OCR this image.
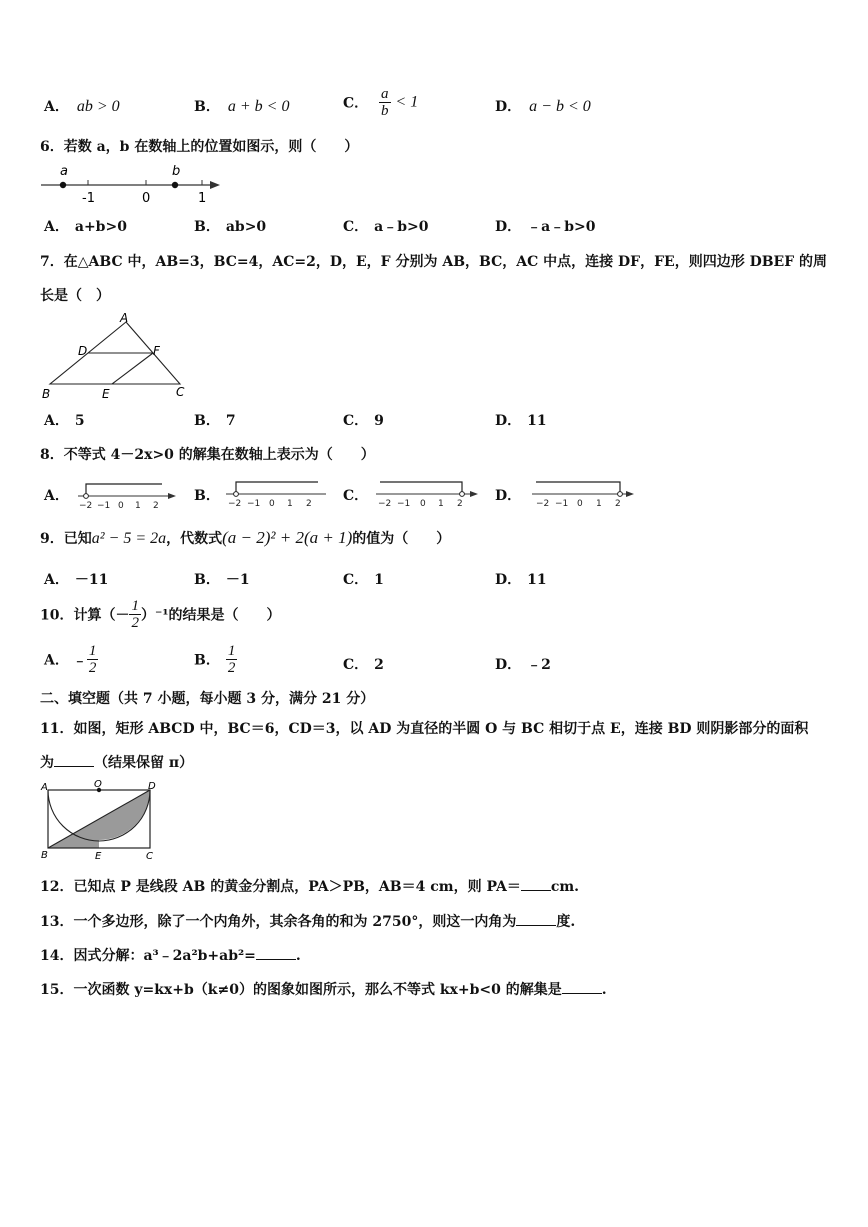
A． ab > 0	B． a + b < 0	C． $\frac{a}{b} < 1$	D． a − b < 0
6．若数 a，b 在数轴上的位置如图示，则（　　）
a	b
-1	0	1
A． a+b>0	B． ab>0	C． a﹣b>0	D． ﹣a﹣b>0
7．在△ABC 中，AB=3，BC=4，AC=2，D，E，F 分别为 AB，BC，AC 中点，连接 DF，FE，则四边形 DBEF 的周
长是（　）
A
D	F
B	E	C
A． 5	B． 7	C． 9	D． 11
8．不等式 4－2x>0 的解集在数轴上表示为（　　）
A．
−2 −1 0 1 2
B． −2 −1 0 1 2 C． −2 −1 0 1 2 D． −2 −1 0 1 2
9．已知a² − 5 = 2a，代数式(a − 2)² + 2(a + 1)的值为（　　）
A． －11	B． －1	C． 1	D． 11
10．计算（－ $\frac{1}{2} )^{-1}$的结果是（　　）
A． ﹣ $\frac{1}{2}$	B． $\frac{1}{2}$	C． 2	D． ﹣2
二、填空题（共 7 小题，每小题 3 分，满分 21 分）
11．如图，矩形 ABCD 中，BC＝6，CD＝3，以 AD 为直径的半圆 O 与 BC 相切于点 E，连接 BD 则阴影部分的面积
为	（结果保留 π）
A	O	D
B	E	C
12．已知点 P 是线段 AB 的黄金分割点，PA＞PB，AB＝4 cm，则 PA＝ cm.
13．一个多边形，除了一个内角外，其余各角的和为 2750°，则这一内角为	度.
14．因式分解：a³﹣2a²b+ab²=	.
15．一次函数 y=kx+b（k≠0）的图象如图所示，那么不等式 kx+b<0 的解集是	.
